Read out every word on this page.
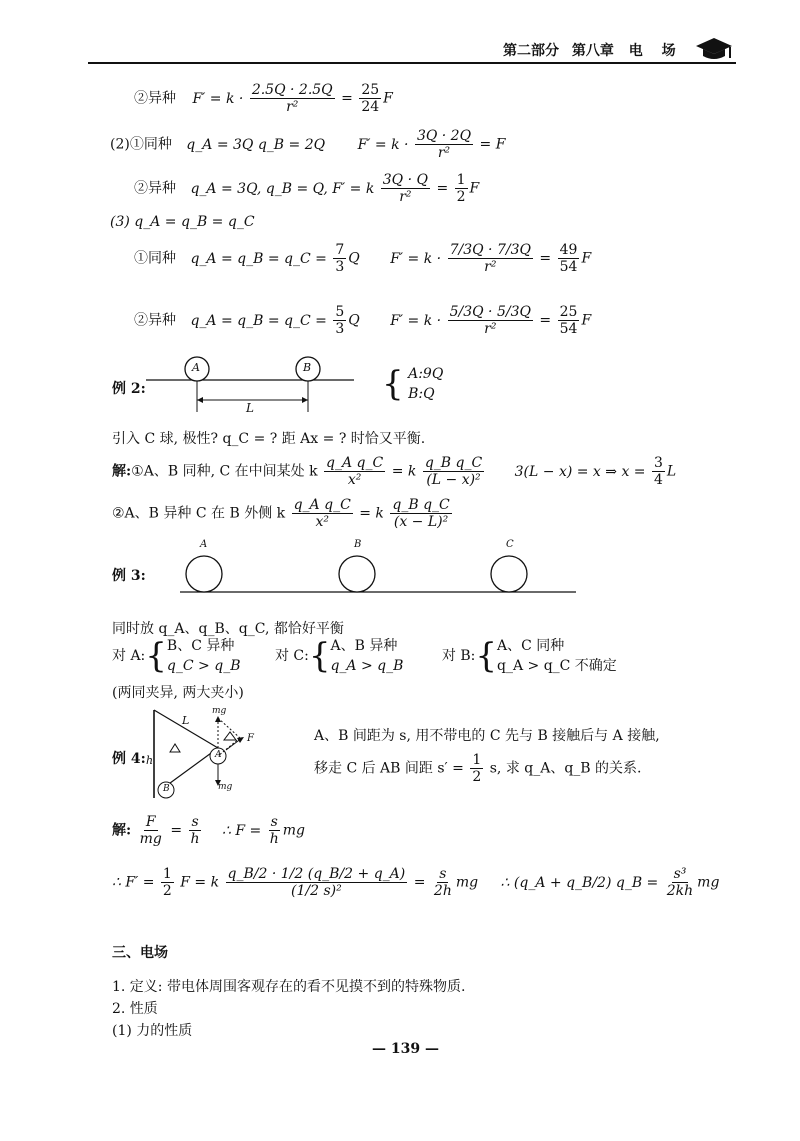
第二部分 第八章 电 场
②异种 $F' = k \cdot \frac{2.5Q \cdot 2.5Q}{\text{r²}} = \frac{25}{24}$ F
(2)①同种 q_A = 3Q q_B = 2Q $F' = k \cdot \frac{3Q \cdot 2Q}{\text{r²}} = F$
②异种 q_A = 3Q, q_B = Q, F′ = k $\frac{3Q \cdot Q}{\text{r²}} = \frac{1}{2}$ F
(3) q_A = q_B = q_C
①同种 q_A = q_B = q_C = $\frac{7}{3}$ Q $F' = k \cdot \frac{7/3Q \cdot 7/3Q}{\text{r²}} = \frac{49}{54}$ F
②异种 q_A = q_B = q_C = $\frac{5}{3}$ Q $F' = k \cdot \frac{5/3Q \cdot 5/3Q}{\text{r²}} = \frac{25}{54}$ F
例 2:
A	B
L
{ A:9Q
B:Q
引入 C 球, 极性? q_C = ? 距 Ax = ? 时恰又平衡.
解:①A、B 同种, C 在中间某处 k $\frac{\text{q\_A q\_C}}{\text{x²}} = k \frac{\text{q\_B q\_C}}{\text{(L − x)²}} 3(L - x) = x$ ⇒ $x = \frac{3}{4}$ L
②A、B 异种 C 在 B 外侧 k $\frac{\text{q\_A q\_C}}{\text{x²}} = k \frac{\text{q\_B q\_C}}{\text{(x − L)²}}$
例 3:
A	B	C
同时放 q_A、q_B、q_C, 都恰好平衡
对 A:{ B、C 异种
q_C > q_B
对 C:{ A、B 异种
q_A > q_B
对 B:{ A、C 同种
q_A > q_C 不确定
(两同夹异, 两大夹小)
例 4:
L
h
mg
F
A
B	mg
A、B 间距为 s, 用不带电的 C 先与 B 接触后与 A 接触,
移走 C 后 AB 间距 $s' = \frac{1}{2} s$, 求 q_A、q_B 的关系.
解: $\frac{F}{mg} = \frac{s}{h}$ ∴ $F = \frac{s}{h}$ mg
∴ $F' = \frac{1}{2}$ F = k $\frac{q\_B/2 \cdot 1/2 (q\_B/2 + q\_A)}{\text{(1/2 s)²}} = \frac{s}{2h}$ mg ∴ (q_A + q_B/2) q_B = $\frac{\text{s³}}{2kh}$ mg
三、电场
1. 定义: 带电体周围客观存在的看不见摸不到的特殊物质.
2. 性质
(1) 力的性质
— 139 —
